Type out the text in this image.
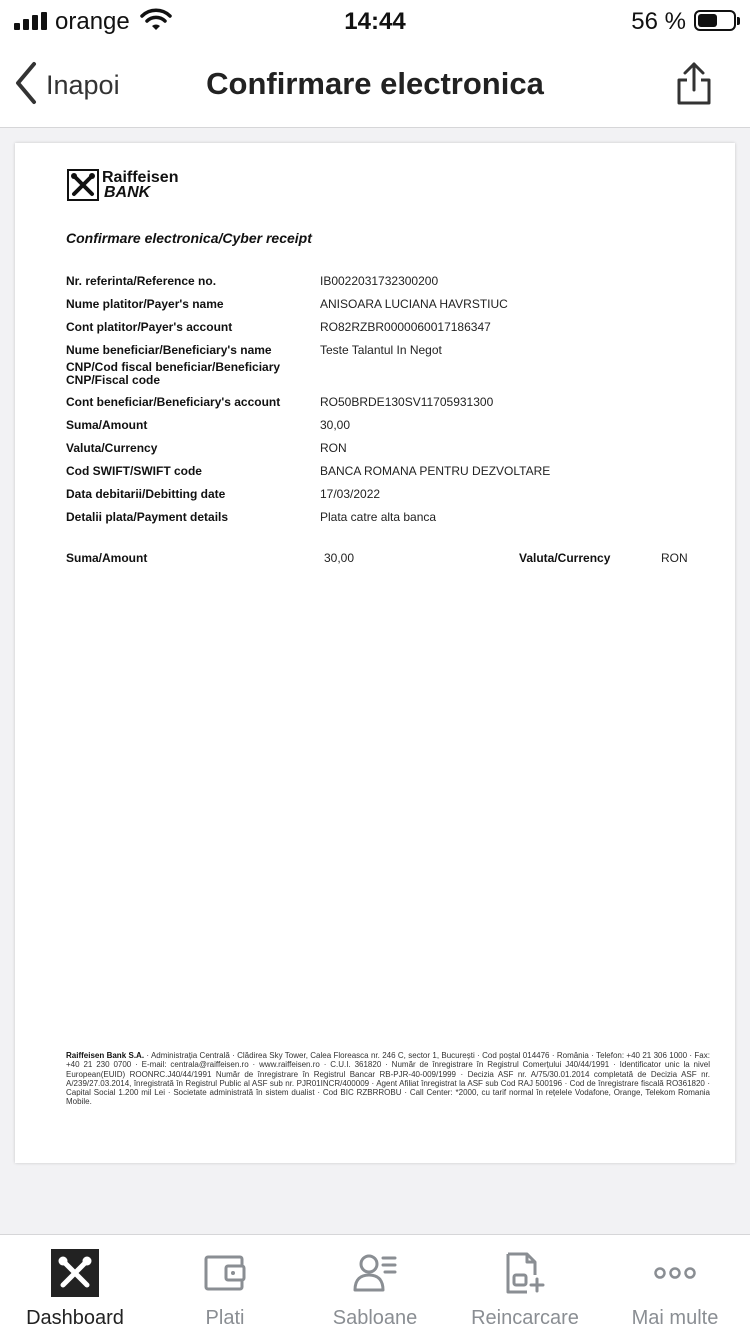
orange	14:44	56 %
Inapoi	Confirmare electronica
Raiffeisen
BANK
Confirmare electronica/Cyber receipt
Nr. referinta/Reference no.	IB0022031732300200
Nume platitor/Payer's name	ANISOARA LUCIANA HAVRSTIUC
Cont platitor/Payer's account	RO82RZBR0000060017186347
Nume beneficiar/Beneficiary's name	Teste Talantul In Negot
CNP/Cod fiscal beneficiar/Beneficiary CNP/Fiscal code
Cont beneficiar/Beneficiary's account	RO50BRDE130SV11705931300
Suma/Amount	30,00
Valuta/Currency	RON
Cod SWIFT/SWIFT code	BANCA ROMANA PENTRU DEZVOLTARE
Data debitarii/Debitting date	17/03/2022
Detalii plata/Payment details	Plata catre alta banca
Suma/Amount	30,00	Valuta/Currency	RON
Raiffeisen Bank S.A. · Administrația Centrală · Clădirea Sky Tower, Calea Floreasca nr. 246 C, sector 1, București · Cod poștal 014476 · România · Telefon: +40 21 306 1000 · Fax: +40 21 230 0700 · E-mail: centrala@raiffeisen.ro · www.raiffeisen.ro · C.U.I. 361820 · Număr de înregistrare în Registrul Comerțului J40/44/1991 · Identificator unic la nivel European(EUID) ROONRC.J40/44/1991 Număr de înregistrare în Registrul Bancar RB-PJR-40-009/1999 · Decizia ASF nr. A/75/30.01.2014 completată de Decizia ASF nr. A/239/27.03.2014, înregistrată în Registrul Public al ASF sub nr. PJR01INCR/400009 · Agent Afiliat înregistrat la ASF sub Cod RAJ 500196 · Cod de înregistrare fiscală RO361820 · Capital Social 1.200 mil Lei · Societate administrată în sistem dualist · Cod BIC RZBRROBU · Call Center: *2000, cu tarif normal în rețelele Vodafone, Orange, Telekom Romania Mobile.
Dashboard	Plati	Sabloane	Reincarcare	Mai multe
